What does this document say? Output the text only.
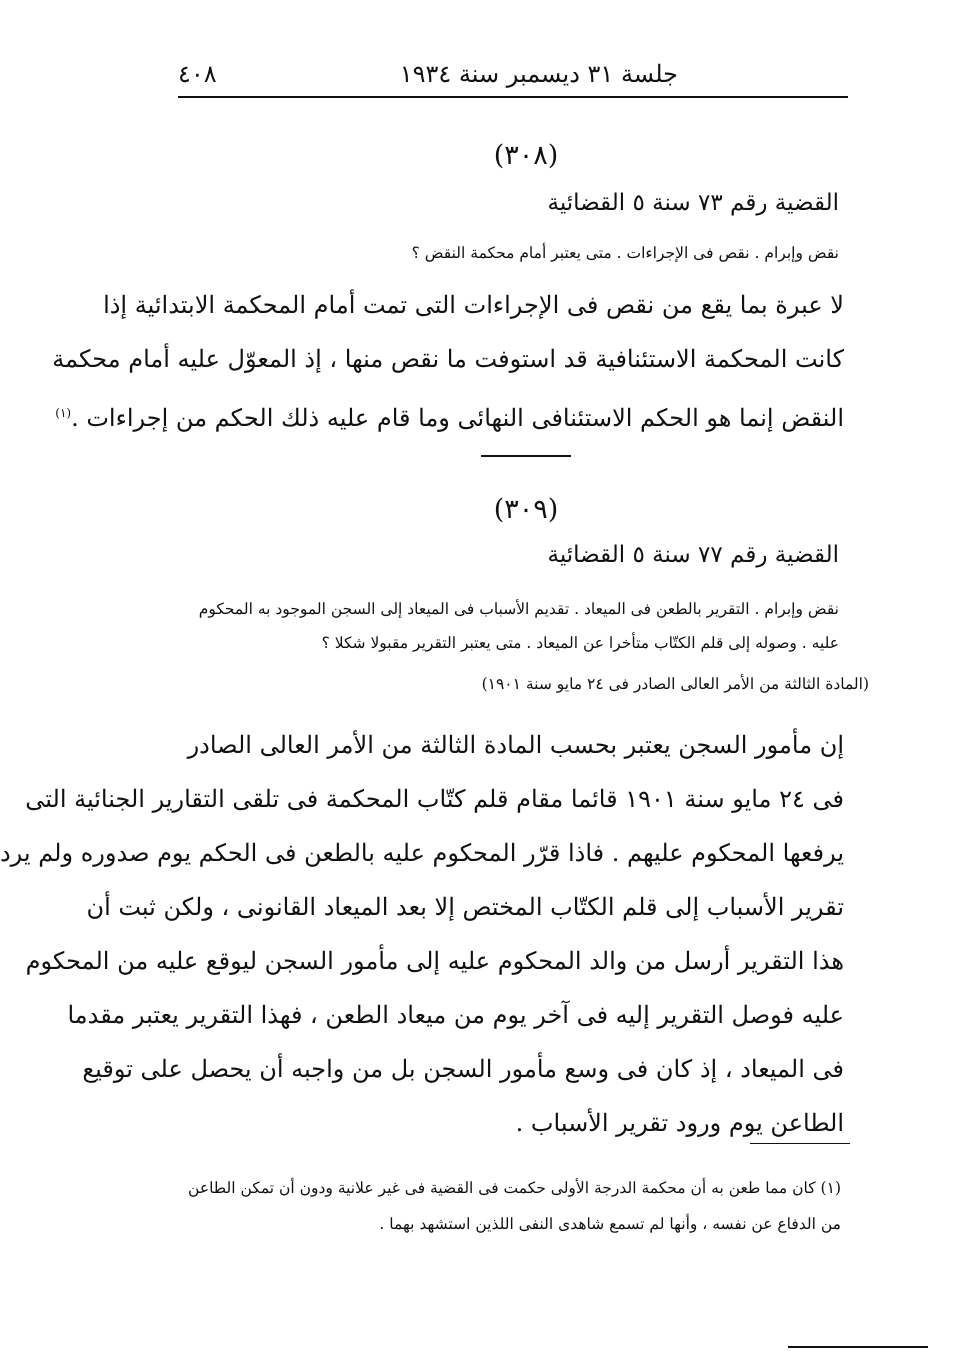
جلسة ٣١ ديسمبر سنة ١٩٣٤
٤٠٨
(٣٠٨)
القضية رقم ٧٣ سنة ٥ القضائية
نقض وإبرام . نقص فى الإجراءات . متى يعتبر أمام محكمة النقض ؟
لا عبرة بما يقع من نقص فى الإجراءات التى تمت أمام المحكمة الابتدائية إذا
كانت المحكمة الاستئنافية قد استوفت ما نقص منها ، إذ المعوّل عليه أمام محكمة
النقض إنما هو الحكم الاستئنافى النهائى وما قام عليه ذلك الحكم من إجراءات .$^{(١)}$
(٣٠٩)
القضية رقم ٧٧ سنة ٥ القضائية
نقض وإبرام . التقرير بالطعن فى الميعاد . تقديم الأسباب فى الميعاد إلى السجن الموجود به المحكوم
عليه . وصوله إلى قلم الكتّاب متأخرا عن الميعاد . متى يعتبر التقرير مقبولا شكلا ؟
(المادة الثالثة من الأمر العالى الصادر فى ٢٤ مايو سنة ١٩٠١)
إن مأمور السجن يعتبر بحسب المادة الثالثة من الأمر العالى الصادر
فى ٢٤ مايو سنة ١٩٠١ قائما مقام قلم كتّاب المحكمة فى تلقى التقارير الجنائية التى
يرفعها المحكوم عليهم . فاذا قرّر المحكوم عليه بالطعن فى الحكم يوم صدوره ولم يرد
تقرير الأسباب إلى قلم الكتّاب المختص إلا بعد الميعاد القانونى ، ولكن ثبت أن
هذا التقرير أرسل من والد المحكوم عليه إلى مأمور السجن ليوقع عليه من المحكوم
عليه فوصل التقرير إليه فى آخر يوم من ميعاد الطعن ، فهذا التقرير يعتبر مقدما
فى الميعاد ، إذ كان فى وسع مأمور السجن بل من واجبه أن يحصل على توقيع
الطاعن يوم ورود تقرير الأسباب .
(١) كان مما طعن به أن محكمة الدرجة الأولى حكمت فى القضية فى غير علانية ودون أن تمكن الطاعن
من الدفاع عن نفسه ، وأنها لم تسمع شاهدى النفى اللذين استشهد بهما .
